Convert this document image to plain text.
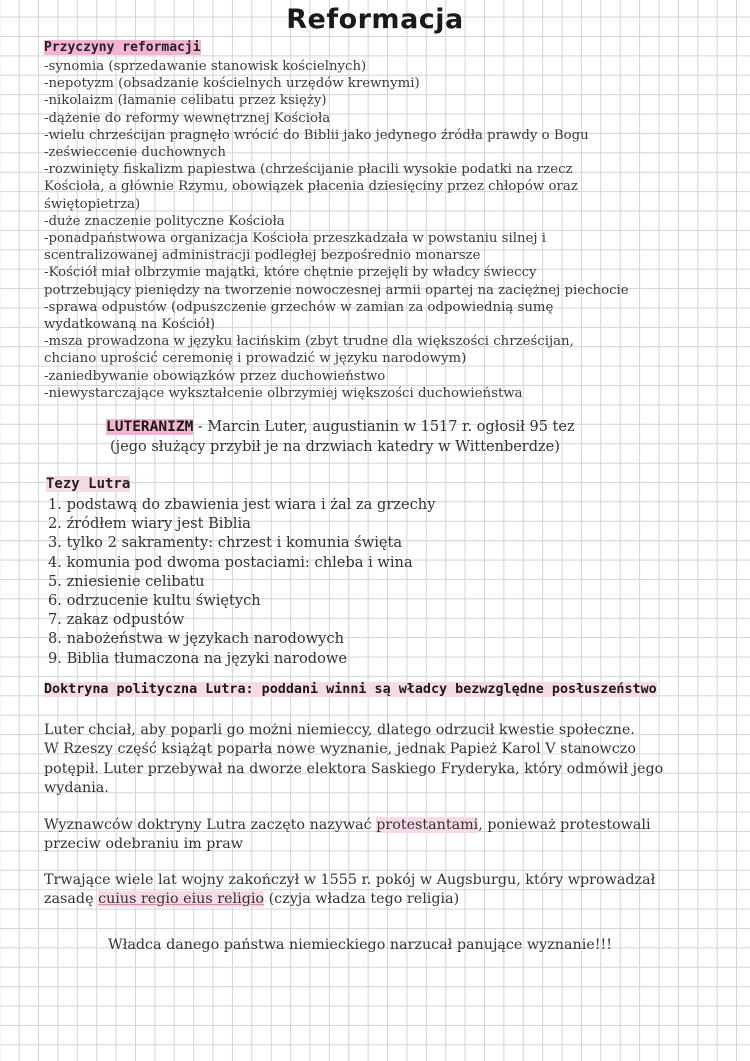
Reformacja
Przyczyny reformacji
-synomia (sprzedawanie stanowisk kościelnych)
-nepotyzm (obsadzanie kościelnych urzędów krewnymi)
-nikolaizm (łamanie celibatu przez księży)
-dążenie do reformy wewnętrznej Kościoła
-wielu chrześcijan pragnęło wrócić do Biblii jako jedynego źródła prawdy o Bogu
-ześwieccenie duchownych
-rozwinięty fiskalizm papiestwa (chrześcijanie płacili wysokie podatki na rzecz
Kościoła, a głównie Rzymu, obowiązek płacenia dziesięciny przez chłopów oraz
świętopietrza)
-duże znaczenie polityczne Kościoła
-ponadpaństwowa organizacja Kościoła przeszkadzała w powstaniu silnej i
scentralizowanej administracji podległej bezpośrednio monarsze
-Kościół miał olbrzymie majątki, które chętnie przejęli by władcy świeccy
potrzebujący pieniędzy na tworzenie nowoczesnej armii opartej na zaciężnej piechocie
-sprawa odpustów (odpuszczenie grzechów w zamian za odpowiednią sumę
wydatkowaną na Kościół)
-msza prowadzona w języku łacińskim (zbyt trudne dla większości chrześcijan,
chciano uprościć ceremonię i prowadzić w języku narodowym)
-zaniedbywanie obowiązków przez duchowieństwo
-niewystarczające wykształcenie olbrzymiej większości duchowieństwa
LUTERANIZM - Marcin Luter, augustianin w 1517 r. ogłosił 95 tez
(jego służący przybił je na drzwiach katedry w Wittenberdze)
Tezy Lutra
1. podstawą do zbawienia jest wiara i żal za grzechy
2. źródłem wiary jest Biblia
3. tylko 2 sakramenty: chrzest i komunia święta
4. komunia pod dwoma postaciami: chleba i wina
5. zniesienie celibatu
6. odrzucenie kultu świętych
7. zakaz odpustów
8. nabożeństwa w językach narodowych
9. Biblia tłumaczona na języki narodowe
Doktryna polityczna Lutra: poddani winni są władcy bezwzględne posłuszeństwo
Luter chciał, aby poparli go możni niemieccy, dlatego odrzucił kwestie społeczne.
W Rzeszy część książąt poparła nowe wyznanie, jednak Papież Karol V stanowczo
potępił. Luter przebywał na dworze elektora Saskiego Fryderyka, który odmówił jego
wydania.
Wyznawców doktryny Lutra zaczęto nazywać protestantami, ponieważ protestowali
przeciw odebraniu im praw
Trwające wiele lat wojny zakończył w 1555 r. pokój w Augsburgu, który wprowadzał
zasadę cuius regio eius religio (czyja władza tego religia)
Władca danego państwa niemieckiego narzucał panujące wyznanie!!!
